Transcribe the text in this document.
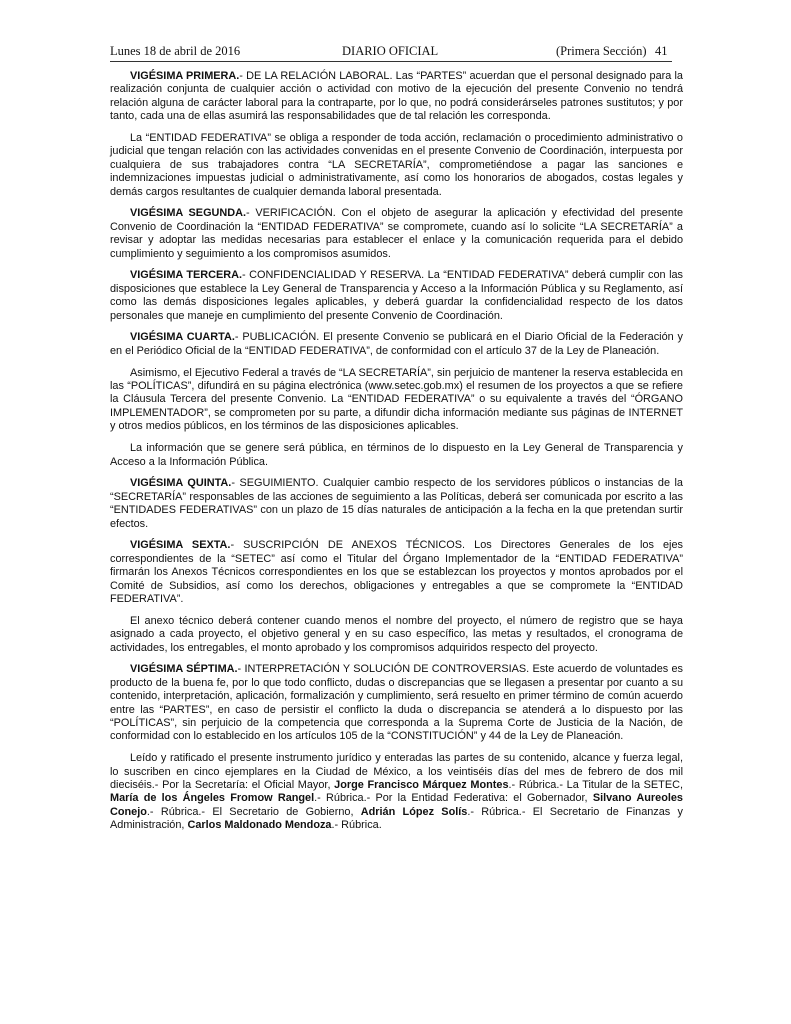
Lunes 18 de abril de 2016	DIARIO OFICIAL	(Primera Sección) 41

VIGÉSIMA PRIMERA.- DE LA RELACIÓN LABORAL. Las “PARTES” acuerdan que el personal designado para la realización conjunta de cualquier acción o actividad con motivo de la ejecución del presente Convenio no tendrá relación alguna de carácter laboral para la contraparte, por lo que, no podrá considerárseles patrones sustitutos; y por tanto, cada una de ellas asumirá las responsabilidades que de tal relación les corresponda.

La “ENTIDAD FEDERATIVA” se obliga a responder de toda acción, reclamación o procedimiento administrativo o judicial que tengan relación con las actividades convenidas en el presente Convenio de Coordinación, interpuesta por cualquiera de sus trabajadores contra “LA SECRETARÍA”, comprometiéndose a pagar las sanciones e indemnizaciones impuestas judicial o administrativamente, así como los honorarios de abogados, costas legales y demás cargos resultantes de cualquier demanda laboral presentada.

VIGÉSIMA SEGUNDA.- VERIFICACIÓN. Con el objeto de asegurar la aplicación y efectividad del presente Convenio de Coordinación la “ENTIDAD FEDERATIVA” se compromete, cuando así lo solicite “LA SECRETARÍA” a revisar y adoptar las medidas necesarias para establecer el enlace y la comunicación requerida para el debido cumplimiento y seguimiento a los compromisos asumidos.

VIGÉSIMA TERCERA.- CONFIDENCIALIDAD Y RESERVA. La “ENTIDAD FEDERATIVA” deberá cumplir con las disposiciones que establece la Ley General de Transparencia y Acceso a la Información Pública y su Reglamento, así como las demás disposiciones legales aplicables, y deberá guardar la confidencialidad respecto de los datos personales que maneje en cumplimiento del presente Convenio de Coordinación.

VIGÉSIMA CUARTA.- PUBLICACIÓN. El presente Convenio se publicará en el Diario Oficial de la Federación y en el Periódico Oficial de la “ENTIDAD FEDERATIVA”, de conformidad con el artículo 37 de la Ley de Planeación.

Asimismo, el Ejecutivo Federal a través de “LA SECRETARÍA”, sin perjuicio de mantener la reserva establecida en las “POLÍTICAS”, difundirá en su página electrónica (www.setec.gob.mx) el resumen de los proyectos a que se refiere la Cláusula Tercera del presente Convenio. La “ENTIDAD FEDERATIVA” o su equivalente a través del “ÓRGANO IMPLEMENTADOR”, se comprometen por su parte, a difundir dicha información mediante sus páginas de INTERNET y otros medios públicos, en los términos de las disposiciones aplicables.

La información que se genere será pública, en términos de lo dispuesto en la Ley General de Transparencia y Acceso a la Información Pública.

VIGÉSIMA QUINTA.- SEGUIMIENTO. Cualquier cambio respecto de los servidores públicos o instancias de la “SECRETARÍA” responsables de las acciones de seguimiento a las Políticas, deberá ser comunicada por escrito a las “ENTIDADES FEDERATIVAS” con un plazo de 15 días naturales de anticipación a la fecha en la que pretendan surtir efectos.

VIGÉSIMA SEXTA.- SUSCRIPCIÓN DE ANEXOS TÉCNICOS. Los Directores Generales de los ejes correspondientes de la “SETEC” así como el Titular del Órgano Implementador de la “ENTIDAD FEDERATIVA” firmarán los Anexos Técnicos correspondientes en los que se establezcan los proyectos y montos aprobados por el Comité de Subsidios, así como los derechos, obligaciones y entregables a que se compromete la “ENTIDAD FEDERATIVA”.

El anexo técnico deberá contener cuando menos el nombre del proyecto, el número de registro que se haya asignado a cada proyecto, el objetivo general y en su caso específico, las metas y resultados, el cronograma de actividades, los entregables, el monto aprobado y los compromisos adquiridos respecto del proyecto.

VIGÉSIMA SÉPTIMA.- INTERPRETACIÓN Y SOLUCIÓN DE CONTROVERSIAS. Este acuerdo de voluntades es producto de la buena fe, por lo que todo conflicto, dudas o discrepancias que se llegasen a presentar por cuanto a su contenido, interpretación, aplicación, formalización y cumplimiento, será resuelto en primer término de común acuerdo entre las “PARTES”, en caso de persistir el conflicto la duda o discrepancia se atenderá a lo dispuesto por las “POLÍTICAS”, sin perjuicio de la competencia que corresponda a la Suprema Corte de Justicia de la Nación, de conformidad con lo establecido en los artículos 105 de la “CONSTITUCIÓN” y 44 de la Ley de Planeación.

Leído y ratificado el presente instrumento jurídico y enteradas las partes de su contenido, alcance y fuerza legal, lo suscriben en cinco ejemplares en la Ciudad de México, a los veintiséis días del mes de febrero de dos mil dieciséis.- Por la Secretaría: el Oficial Mayor, Jorge Francisco Márquez Montes.- Rúbrica.- La Titular de la SETEC, María de los Ángeles Fromow Rangel.- Rúbrica.- Por la Entidad Federativa: el Gobernador, Silvano Aureoles Conejo.- Rúbrica.- El Secretario de Gobierno, Adrián López Solís.- Rúbrica.- El Secretario de Finanzas y Administración, Carlos Maldonado Mendoza.- Rúbrica.
